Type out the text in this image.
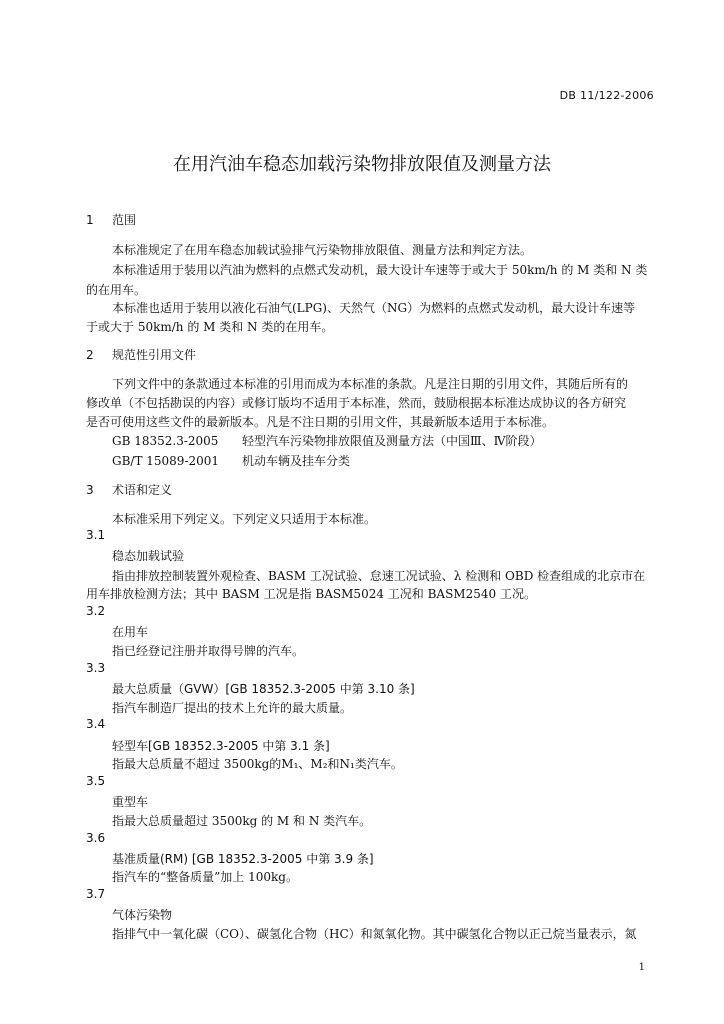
DB 11/122-2006
在用汽油车稳态加载污染物排放限值及测量方法
1 范围
本标准规定了在用车稳态加载试验排气污染物排放限值、测量方法和判定方法。
本标准适用于装用以汽油为燃料的点燃式发动机，最大设计车速等于或大于 50km/h 的 M 类和 N 类
的在用车。
本标准也适用于装用以液化石油气(LPG)、天然气（NG）为燃料的点燃式发动机，最大设计车速等
于或大于 50km/h 的 M 类和 N 类的在用车。
2 规范性引用文件
下列文件中的条款通过本标准的引用而成为本标准的条款。凡是注日期的引用文件，其随后所有的
修改单（不包括勘误的内容）或修订版均不适用于本标准，然而，鼓励根据本标准达成协议的各方研究
是否可使用这些文件的最新版本。凡是不注日期的引用文件，其最新版本适用于本标准。
GB 18352.3-2005 轻型汽车污染物排放限值及测量方法（中国Ⅲ、Ⅳ阶段）
GB/T 15089-2001 机动车辆及挂车分类
3 术语和定义
本标准采用下列定义。下列定义只适用于本标准。
3.1
稳态加载试验
指由排放控制装置外观检查、BASM 工况试验、怠速工况试验、λ 检测和 OBD 检查组成的北京市在
用车排放检测方法；其中 BASM 工况是指 BASM5024 工况和 BASM2540 工况。
3.2
在用车
指已经登记注册并取得号牌的汽车。
3.3
最大总质量（GVW）[GB 18352.3-2005 中第 3.10 条]
指汽车制造厂提出的技术上允许的最大质量。
3.4
轻型车[GB 18352.3-2005 中第 3.1 条]
指最大总质量不超过 3500kg的M₁、M₂和N₁类汽车。
3.5
重型车
指最大总质量超过 3500kg 的 M 和 N 类汽车。
3.6
基准质量(RM) [GB 18352.3-2005 中第 3.9 条]
指汽车的“整备质量”加上 100kg。
3.7
气体污染物
指排气中一氧化碳（CO）、碳氢化合物（HC）和氮氧化物。其中碳氢化合物以正己烷当量表示，氮
1
